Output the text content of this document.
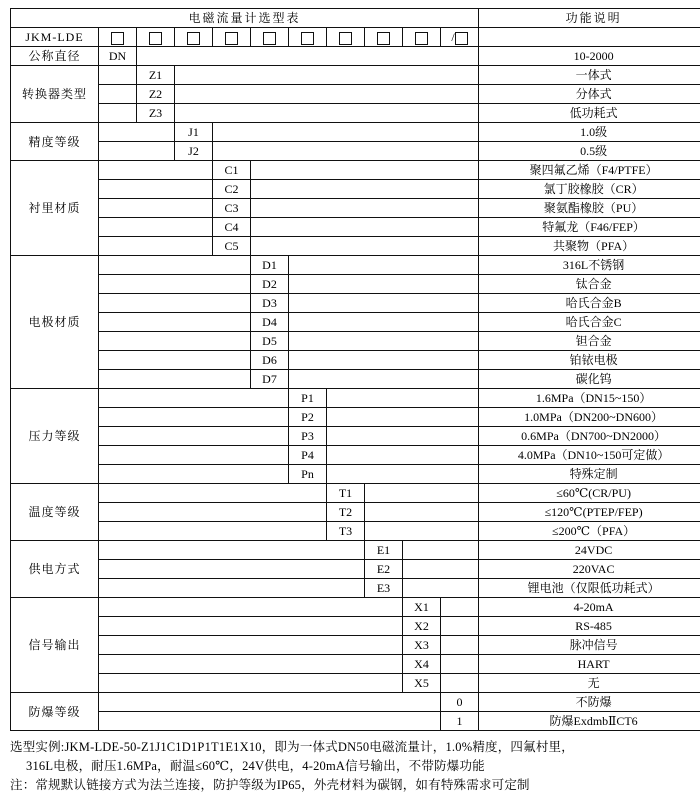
电磁流量计选型表											功能说明
JKM-LDE										/	
公称直径	DN										10-2000
转换器类型		Z1									一体式
		Z2									分体式
		Z3									低功耗式
精度等级			J1								1.0级
			J2								0.5级
衬里材质				C1							聚四氟乙烯（F4/PTFE）
				C2							氯丁胶橡胶（CR）
				C3							聚氨酯橡胶（PU）
				C4							特氟龙（F46/FEP）
				C5							共聚物（PFA）
电极材质					D1						316L不锈钢
					D2						钛合金
					D3						哈氏合金B
					D4						哈氏合金C
					D5						钽合金
					D6						铂铱电极
					D7						碳化钨
压力等级						P1					1.6MPa（DN15~150）
						P2					1.0MPa（DN200~DN600）
						P3					0.6MPa（DN700~DN2000）
						P4					4.0MPa（DN10~150可定做）
						Pn					特殊定制
温度等级							T1				≤60℃(CR/PU)
							T2				≤120℃(PTEP/FEP)
							T3				≤200℃（PFA）
供电方式								E1			24VDC
								E2			220VAC
								E3			锂电池（仅限低功耗式）
信号输出									X1		4-20mA
									X2		RS-485
									X3		脉冲信号
									X4		HART
									X5		无
防爆等级										0	不防爆
										1	防爆ExdmbⅡCT6
选型实例:JKM-LDE-50-Z1J1C1D1P1T1E1X10，即为一体式DN50电磁流量计，1.0%精度，四氟村里，
316L电极，耐压1.6MPa，耐温≤60℃，24V供电，4-20mA信号输出，不带防爆功能
注：常规默认链接方式为法兰连接，防护等级为IP65，外壳材料为碳钢，如有特殊需求可定制
